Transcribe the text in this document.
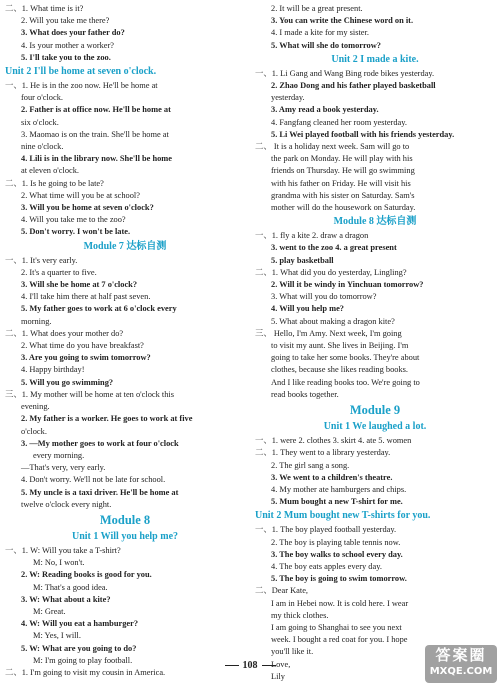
二、1. What time is it?
2. Will you take me there?
3. What does your father do?
4. Is your mother a worker?
5. I'll take you to the zoo.
Unit 2 I'll be home at seven o'clock.
一、1. He is in the zoo now. He'll be home at
four o'clock.
2. Father is at office now. He'll be home at
six o'clock.
3. Maomao is on the train. She'll be home at
nine o'clock.
4. Lili is in the library now. She'll be home
at eleven o'clock.
二、1. Is he going to be late?
2. What time will you be at school?
3. Will you be home at seven o'clock?
4. Will you take me to the zoo?
5. Don't worry. I won't be late.
Module 7 达标自测
一、1. It's very early.
2. It's a quarter to five.
3. Will she be home at 7 o'clock?
4. I'll take him there at half past seven.
5. My father goes to work at 6 o'clock every
morning.
二、1. What does your mother do?
2. What time do you have breakfast?
3. Are you going to swim tomorrow?
4. Happy birthday!
5. Will you go swimming?
三、1. My mother will be home at ten o'clock this
evening.
2. My father is a worker. He goes to work at five
o'clock.
3. —My mother goes to work at four o'clock
every morning.
—That's very, very early.
4. Don't worry. We'll not be late for school.
5. My uncle is a taxi driver. He'll be home at
twelve o'clock every night.
Module 8
Unit 1 Will you help me?
一、1. W: Will you take a T-shirt?
M: No, I won't.
2. W: Reading books is good for you.
M: That's a good idea.
3. W: What about a kite?
M: Great.
4. W: Will you eat a hamburger?
M: Yes, I will.
5. W: What are you going to do?
M: I'm going to play football.
二、1. I'm going to visit my cousin in America.
2. It will be a great present.
3. You can write the Chinese word on it.
4. I made a kite for my sister.
5. What will she do tomorrow?
Unit 2 I made a kite.
一、1. Li Gang and Wang Bing rode bikes yesterday.
2. Zhao Dong and his father played basketball
yesterday.
3. Amy read a book yesterday.
4. Fangfang cleaned her room yesterday.
5. Li Wei played football with his friends yesterday.
二、 It is a holiday next week. Sam will go to
the park on Monday. He will play with his
friends on Thursday. He will go swimming
with his father on Friday. He will visit his
grandma with his sister on Saturday. Sam's
mother will do the housework on Saturday.
Module 8 达标自测
一、1. fly a kite 2. draw a dragon
3. went to the zoo 4. a great present
5. play basketball
二、1. What did you do yesterday, Lingling?
2. Will it be windy in Yinchuan tomorrow?
3. What will you do tomorrow?
4. Will you help me?
5. What about making a dragon kite?
三、 Hello, I'm Amy. Next week, I'm going
to visit my aunt. She lives in Beijing. I'm
going to take her some books. They're about
clothes, because she likes reading books.
And I like reading books too. We're going to
read books together.
Module 9
Unit 1 We laughed a lot.
一、1. were 2. clothes 3. skirt 4. ate 5. women
二、1. They went to a library yesterday.
2. The girl sang a song.
3. We went to a children's theatre.
4. My mother ate hamburgers and chips.
5. Mum bought a new T-shirt for me.
Unit 2 Mum bought new T-shirts for you.
一、1. The boy played football yesterday.
2. The boy is playing table tennis now.
3. The boy walks to school every day.
4. The boy eats apples every day.
5. The boy is going to swim tomorrow.
二、Dear Kate,
I am in Hebei now. It is cold here. I wear
my thick clothes.
I am going to Shanghai to see you next
week. I bought a red coat for you. I hope
you'll like it.
Love,
Lily
108
答案圈
MXQE.COM
